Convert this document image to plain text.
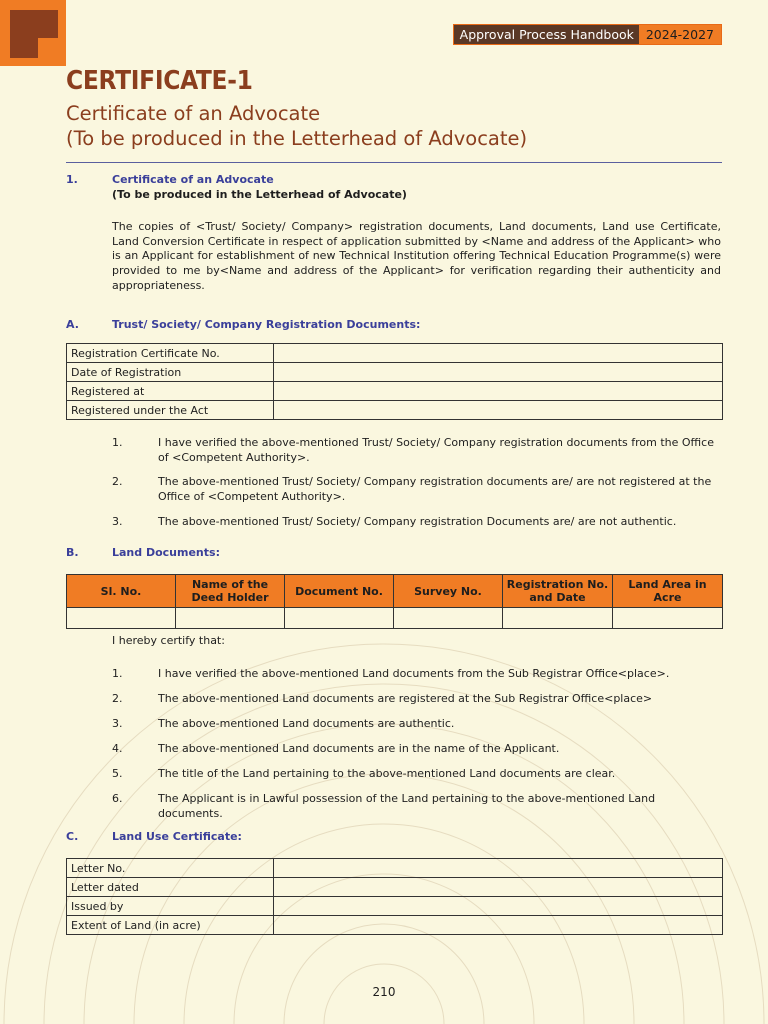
Approval Process Handbook 2024-2027
CERTIFICATE-1
Certificate of an Advocate
(To be produced in the Letterhead of Advocate)
1.	Certificate of an Advocate
(To be produced in the Letterhead of Advocate)
The copies of <Trust/ Society/ Company> registration documents, Land documents, Land use Certificate, Land Conversion Certificate in respect of application submitted by <Name and address of the Applicant> who is an Applicant for establishment of new Technical Institution offering Technical Education Programme(s) were provided to me by<Name and address of the Applicant> for verification regarding their authenticity and appropriateness.
A.	Trust/ Society/ Company Registration Documents:
Registration Certificate No.	
Date of Registration	
Registered at	
Registered under the Act	
1.	I have verified the above-mentioned Trust/ Society/ Company registration documents from the Office of <Competent Authority>.
2.	The above-mentioned Trust/ Society/ Company registration documents are/ are not registered at the Office of <Competent Authority>.
3.	The above-mentioned Trust/ Society/ Company registration Documents are/ are not authentic.
B.	Land Documents:
Sl. No.	Name of the Deed Holder	Document No.	Survey No.	Registration No. and Date	Land Area in Acre

I hereby certify that:
1.	I have verified the above-mentioned Land documents from the Sub Registrar Office<place>.
2.	The above-mentioned Land documents are registered at the Sub Registrar Office<place>
3.	The above-mentioned Land documents are authentic.
4.	The above-mentioned Land documents are in the name of the Applicant.
5.	The title of the Land pertaining to the above-mentioned Land documents are clear.
6.	The Applicant is in Lawful possession of the Land pertaining to the above-mentioned Land documents.
C.	Land Use Certificate:
Letter No.	
Letter dated	
Issued by	
Extent of Land (in acre)	
210
